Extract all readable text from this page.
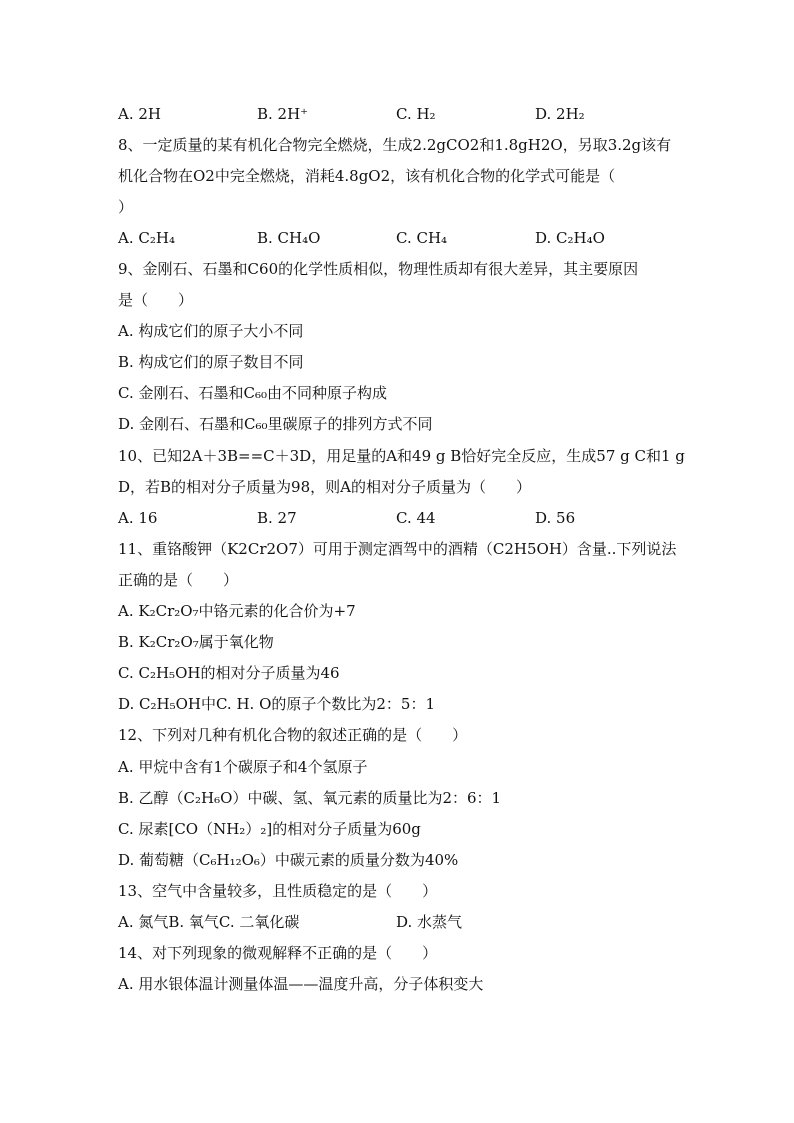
A. 2H	B. 2H⁺	C. H₂	D. 2H₂
8、一定质量的某有机化合物完全燃烧，生成2.2gCO2和1.8gH2O，另取3.2g该有
机化合物在O2中完全燃烧，消耗4.8gO2，该有机化合物的化学式可能是（
）
A. C₂H₄	B. CH₄O	C. CH₄	D. C₂H₄O
9、金刚石、石墨和C60的化学性质相似，物理性质却有很大差异，其主要原因
是（　　）
A. 构成它们的原子大小不同
B. 构成它们的原子数目不同
C. 金刚石、石墨和C₆₀由不同种原子构成
D. 金刚石、石墨和C₆₀里碳原子的排列方式不同
10、已知2A＋3B==C＋3D，用足量的A和49 g B恰好完全反应，生成57 g C和1 g
D，若B的相对分子质量为98，则A的相对分子质量为（　　）
A. 16	B. 27	C. 44	D. 56
11、重铬酸钾（K2Cr2O7）可用于测定酒驾中的酒精（C2H5OH）含量..下列说法
正确的是（　　）
A. K₂Cr₂O₇中铬元素的化合价为+7
B. K₂Cr₂O₇属于氧化物
C. C₂H₅OH的相对分子质量为46
D. C₂H₅OH中C. H. O的原子个数比为2：5：1
12、下列对几种有机化合物的叙述正确的是（　　）
A. 甲烷中含有1个碳原子和4个氢原子
B. 乙醇（C₂H₆O）中碳、氢、氧元素的质量比为2：6：1
C. 尿素[CO（NH₂）₂]的相对分子质量为60g
D. 葡萄糖（C₆H₁₂O₆）中碳元素的质量分数为40%
13、空气中含量较多，且性质稳定的是（　　）
A. 氮气B. 氧气C. 二氧化碳	D. 水蒸气
14、对下列现象的微观解释不正确的是（　　）
A. 用水银体温计测量体温——温度升高，分子体积变大
